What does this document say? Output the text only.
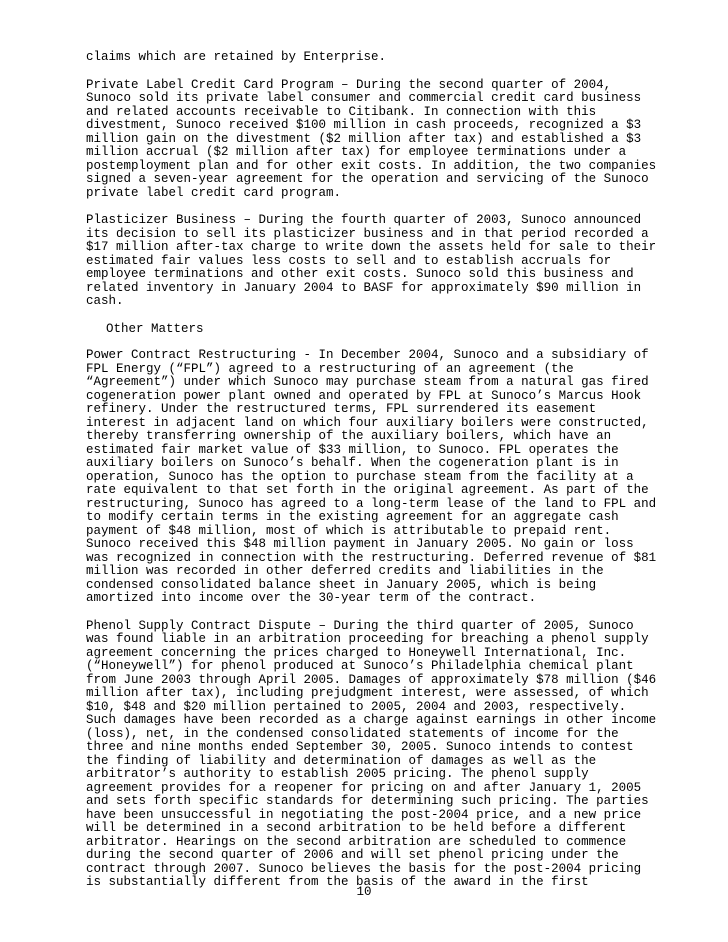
claims which are retained by Enterprise.
Private Label Credit Card Program – During the second quarter of 2004,
Sunoco sold its private label consumer and commercial credit card business
and related accounts receivable to Citibank. In connection with this
divestment, Sunoco received $100 million in cash proceeds, recognized a $3
million gain on the divestment ($2 million after tax) and established a $3
million accrual ($2 million after tax) for employee terminations under a
postemployment plan and for other exit costs. In addition, the two companies
signed a seven-year agreement for the operation and servicing of the Sunoco
private label credit card program.
Plasticizer Business – During the fourth quarter of 2003, Sunoco announced
its decision to sell its plasticizer business and in that period recorded a
$17 million after-tax charge to write down the assets held for sale to their
estimated fair values less costs to sell and to establish accruals for
employee terminations and other exit costs. Sunoco sold this business and
related inventory in January 2004 to BASF for approximately $90 million in
cash.
Other Matters
Power Contract Restructuring - In December 2004, Sunoco and a subsidiary of
FPL Energy (“FPL”) agreed to a restructuring of an agreement (the
“Agreement”) under which Sunoco may purchase steam from a natural gas fired
cogeneration power plant owned and operated by FPL at Sunoco’s Marcus Hook
refinery. Under the restructured terms, FPL surrendered its easement
interest in adjacent land on which four auxiliary boilers were constructed,
thereby transferring ownership of the auxiliary boilers, which have an
estimated fair market value of $33 million, to Sunoco. FPL operates the
auxiliary boilers on Sunoco’s behalf. When the cogeneration plant is in
operation, Sunoco has the option to purchase steam from the facility at a
rate equivalent to that set forth in the original agreement. As part of the
restructuring, Sunoco has agreed to a long-term lease of the land to FPL and
to modify certain terms in the existing agreement for an aggregate cash
payment of $48 million, most of which is attributable to prepaid rent.
Sunoco received this $48 million payment in January 2005. No gain or loss
was recognized in connection with the restructuring. Deferred revenue of $81
million was recorded in other deferred credits and liabilities in the
condensed consolidated balance sheet in January 2005, which is being
amortized into income over the 30-year term of the contract.
Phenol Supply Contract Dispute – During the third quarter of 2005, Sunoco
was found liable in an arbitration proceeding for breaching a phenol supply
agreement concerning the prices charged to Honeywell International, Inc.
(“Honeywell”) for phenol produced at Sunoco’s Philadelphia chemical plant
from June 2003 through April 2005. Damages of approximately $78 million ($46
million after tax), including prejudgment interest, were assessed, of which
$10, $48 and $20 million pertained to 2005, 2004 and 2003, respectively.
Such damages have been recorded as a charge against earnings in other income
(loss), net, in the condensed consolidated statements of income for the
three and nine months ended September 30, 2005. Sunoco intends to contest
the finding of liability and determination of damages as well as the
arbitrator’s authority to establish 2005 pricing. The phenol supply
agreement provides for a reopener for pricing on and after January 1, 2005
and sets forth specific standards for determining such pricing. The parties
have been unsuccessful in negotiating the post-2004 price, and a new price
will be determined in a second arbitration to be held before a different
arbitrator. Hearings on the second arbitration are scheduled to commence
during the second quarter of 2006 and will set phenol pricing under the
contract through 2007. Sunoco believes the basis for the post-2004 pricing
is substantially different from the basis of the award in the first
10
